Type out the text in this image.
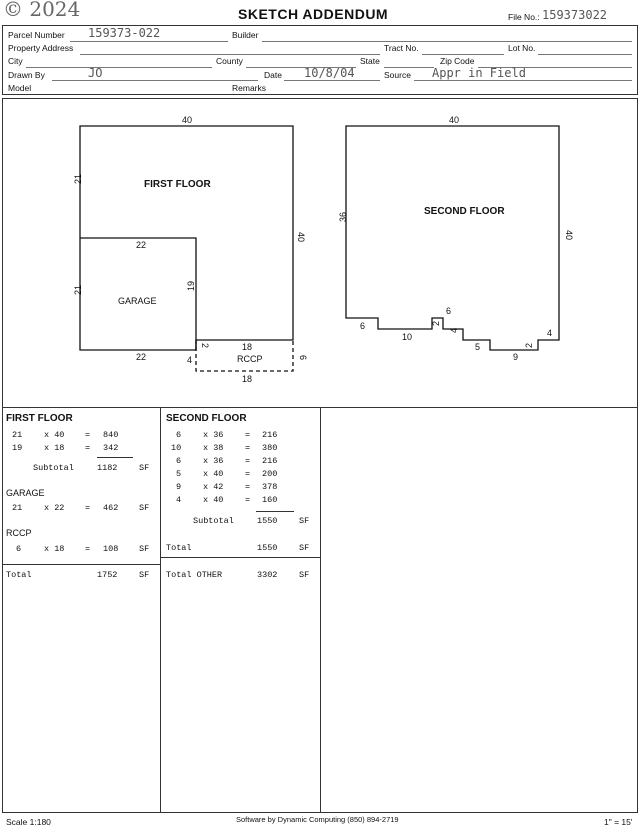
© 2024	SKETCH ADDENDUM	File No.: 159373022
Parcel Number 159373-022	Builder
Property Address	Tract No.	Lot No.
City	County	State	Zip Code
Drawn By	JO	Date 10/8/04	Source Appr in Field
Model	Remarks
40
21
40
22
21	19
22	4
2	18
6
18
40
36
40
6
10
2
6
4
5	2
9
4
FIRST FLOOR
SECOND FLOOR
GARAGE
RCCP
FIRST FLOOR
21	x 40 = 840
19	x 18 = 342
Subtotal	1182	SF
GARAGE
21	x 22 = 462 SF
RCCP
6	x 18 = 108 SF
Total	1752	SF
SECOND FLOOR
6	x 36	= 216
10	x 38	= 380
6	x 36	= 216
5	x 40	= 200
9	x 42	= 378
4	x 40	= 160
Subtotal	1550	SF
Total	1550	SF
Total OTHER	3302	SF
Scale 1:180	Software by Dynamic Computing (850) 894-2719	1" = 15'
